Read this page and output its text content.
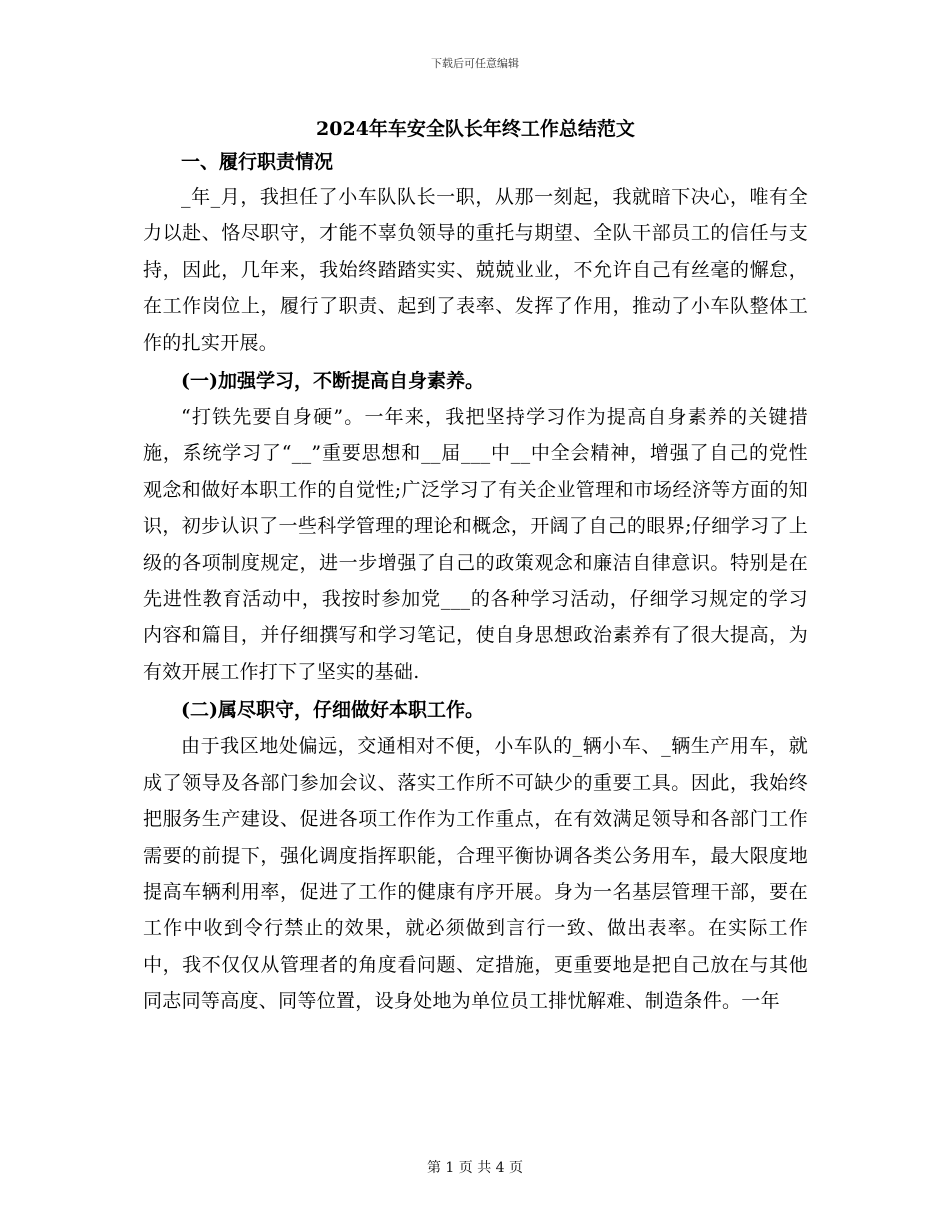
下载后可任意编辑
2024年车安全队长年终工作总结范文
一、履行职责情况

_年_月，我担任了小车队队长一职，从那一刻起，我就暗下决心，唯有全力以赴、恪尽职守，才能不辜负领导的重托与期望、全队干部员工的信任与支持，因此，几年来，我始终踏踏实实、兢兢业业，不允许自己有丝毫的懈怠，在工作岗位上，履行了职责、起到了表率、发挥了作用，推动了小车队整体工作的扎实开展。

(一)加强学习，不断提高自身素养。

“打铁先要自身硬”。一年来，我把坚持学习作为提高自身素养的关键措施，系统学习了“__”重要思想和__届___中__中全会精神，增强了自己的党性观念和做好本职工作的自觉性;广泛学习了有关企业管理和市场经济等方面的知识，初步认识了一些科学管理的理论和概念，开阔了自己的眼界;仔细学习了上级的各项制度规定，进一步增强了自己的政策观念和廉洁自律意识。特别是在先进性教育活动中，我按时参加党___的各种学习活动，仔细学习规定的学习内容和篇目，并仔细撰写和学习笔记，使自身思想政治素养有了很大提高，为有效开展工作打下了坚实的基础.

(二)属尽职守，仔细做好本职工作。

由于我区地处偏远，交通相对不便，小车队的_辆小车、_辆生产用车，就成了领导及各部门参加会议、落实工作所不可缺少的重要工具。因此，我始终把服务生产建设、促进各项工作作为工作重点，在有效满足领导和各部门工作需要的前提下，强化调度指挥职能，合理平衡协调各类公务用车，最大限度地提高车辆利用率，促进了工作的健康有序开展。身为一名基层管理干部，要在工作中收到令行禁止的效果，就必须做到言行一致、做出表率。在实际工作中，我不仅仅从管理者的角度看问题、定措施，更重要地是把自己放在与其他同志同等高度、同等位置，设身处地为单位员工排忧解难、制造条件。一年

第 1 页 共 4 页
